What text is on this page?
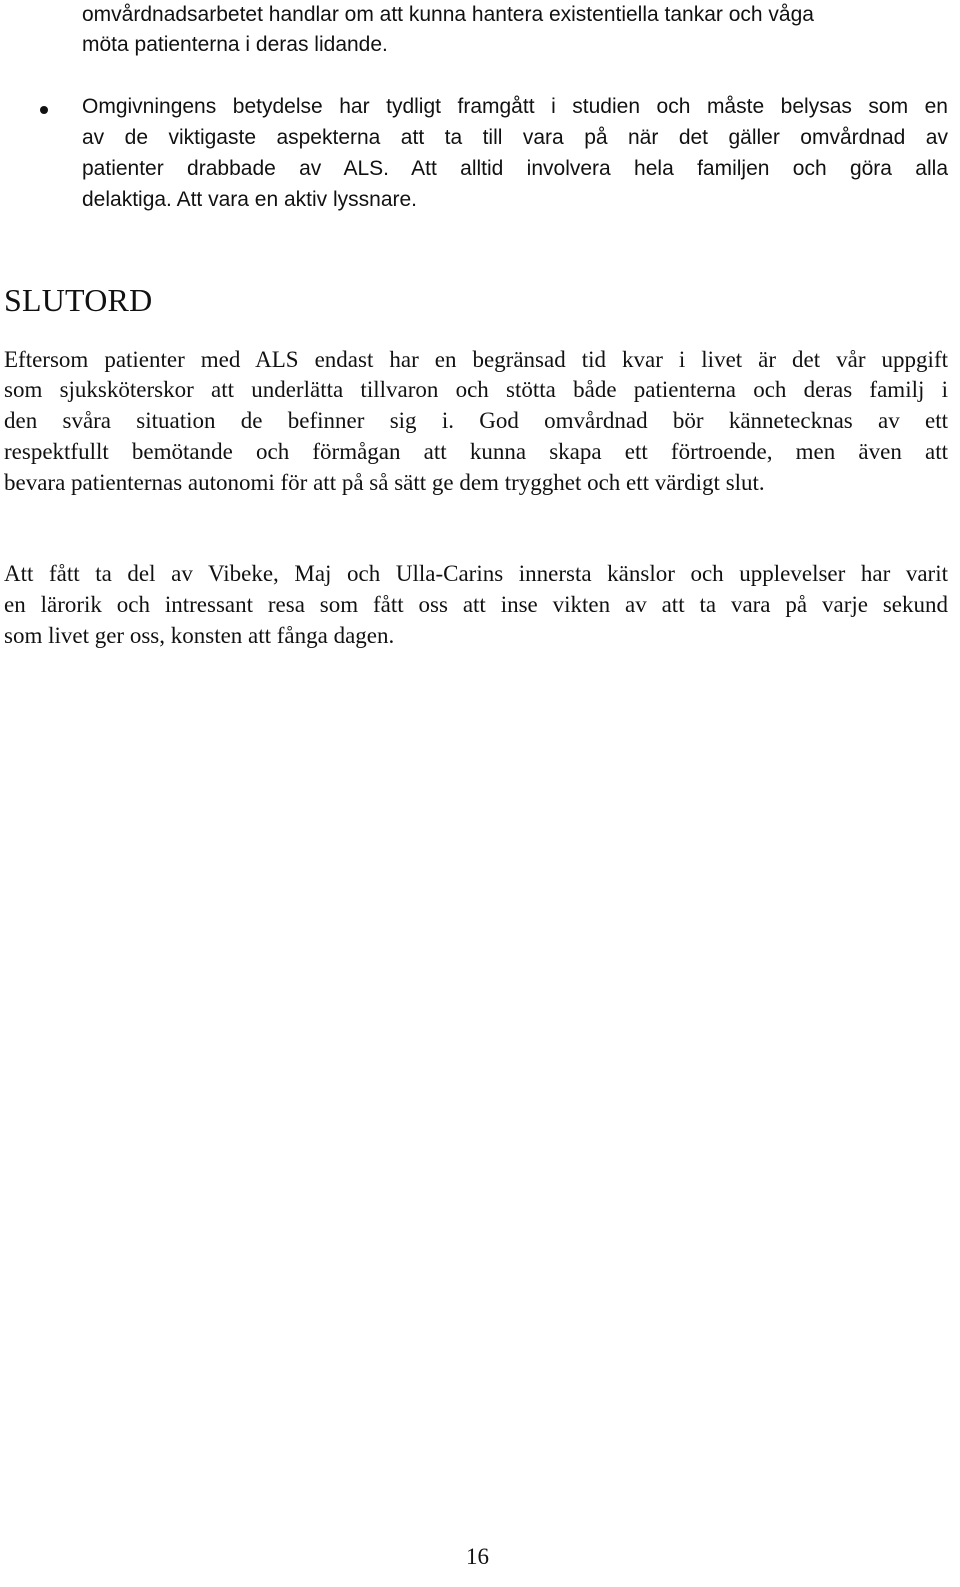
omvårdnadsarbetet handlar om att kunna hantera existentiella tankar och våga
möta patienterna i deras lidande.
Omgivningens betydelse har tydligt framgått i studien och måste belysas som en
av de viktigaste aspekterna att ta till vara på när det gäller omvårdnad av
patienter drabbade av ALS. Att alltid involvera hela familjen och göra alla
delaktiga. Att vara en aktiv lyssnare.
SLUTORD
Eftersom patienter med ALS endast har en begränsad tid kvar i livet är det vår uppgift
som sjuksköterskor att underlätta tillvaron och stötta både patienterna och deras familj i
den svåra situation de befinner sig i. God omvårdnad bör kännetecknas av ett
respektfullt bemötande och förmågan att kunna skapa ett förtroende, men även att
bevara patienternas autonomi för att på så sätt ge dem trygghet och ett värdigt slut.
Att fått ta del av Vibeke, Maj och Ulla-Carins innersta känslor och upplevelser har varit
en lärorik och intressant resa som fått oss att inse vikten av att ta vara på varje sekund
som livet ger oss, konsten att fånga dagen.
16
